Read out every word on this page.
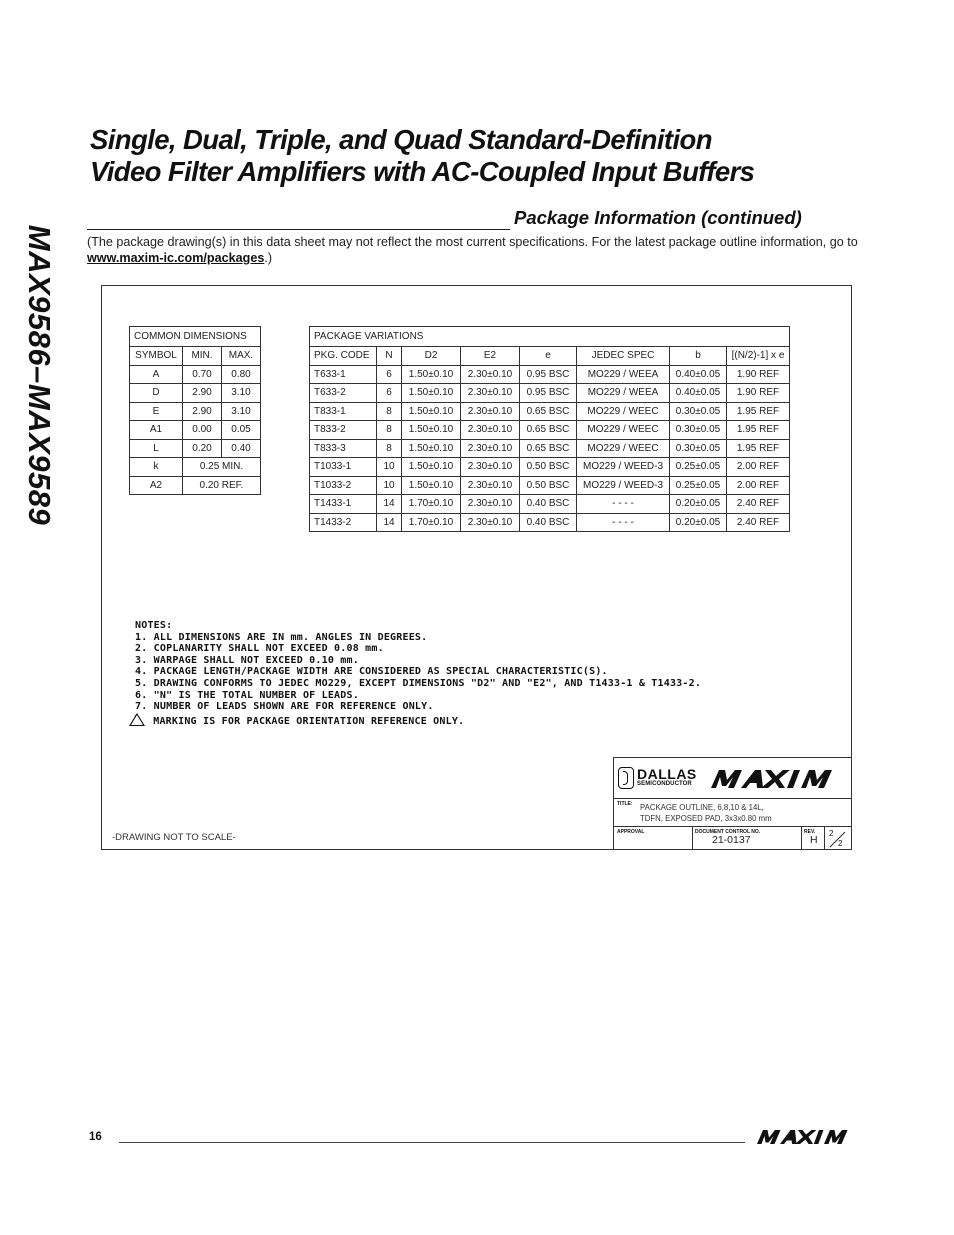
MAX9586–MAX9589
Single, Dual, Triple, and Quad Standard-Definition
Video Filter Amplifiers with AC-Coupled Input Buffers
Package Information (continued)
(The package drawing(s) in this data sheet may not reflect the most current specifications. For the latest package outline information, go to www.maxim-ic.com/packages.)
COMMON DIMENSIONS		
SYMBOL	MIN.	MAX.
A	0.70	0.80
D	2.90	3.10
E	2.90	3.10
A1	0.00	0.05
L	0.20	0.40
k	0.25 MIN.	
A2	0.20 REF.	
PACKAGE VARIATIONS							
PKG. CODE	N	D2	E2	e	JEDEC SPEC	b	[(N/2)-1] x e
T633-1	6	1.50±0.10	2.30±0.10	0.95 BSC	MO229 / WEEA	0.40±0.05	1.90 REF
T633-2	6	1.50±0.10	2.30±0.10	0.95 BSC	MO229 / WEEA	0.40±0.05	1.90 REF
T833-1	8	1.50±0.10	2.30±0.10	0.65 BSC	MO229 / WEEC	0.30±0.05	1.95 REF
T833-2	8	1.50±0.10	2.30±0.10	0.65 BSC	MO229 / WEEC	0.30±0.05	1.95 REF
T833-3	8	1.50±0.10	2.30±0.10	0.65 BSC	MO229 / WEEC	0.30±0.05	1.95 REF
T1033-1	10	1.50±0.10	2.30±0.10	0.50 BSC	MO229 / WEED-3	0.25±0.05	2.00 REF
T1033-2	10	1.50±0.10	2.30±0.10	0.50 BSC	MO229 / WEED-3	0.25±0.05	2.00 REF
T1433-1	14	1.70±0.10	2.30±0.10	0.40 BSC	- - - -	0.20±0.05	2.40 REF
T1433-2	14	1.70±0.10	2.30±0.10	0.40 BSC	- - - -	0.20±0.05	2.40 REF
NOTES:
1. ALL DIMENSIONS ARE IN mm. ANGLES IN DEGREES.
2. COPLANARITY SHALL NOT EXCEED 0.08 mm.
3. WARPAGE SHALL NOT EXCEED 0.10 mm.
4. PACKAGE LENGTH/PACKAGE WIDTH ARE CONSIDERED AS SPECIAL CHARACTERISTIC(S).
5. DRAWING CONFORMS TO JEDEC MO229, EXCEPT DIMENSIONS "D2" AND "E2", AND T1433-1 & T1433-2.
6. "N" IS THE TOTAL NUMBER OF LEADS.
7. NUMBER OF LEADS SHOWN ARE FOR REFERENCE ONLY.
8 MARKING IS FOR PACKAGE ORIENTATION REFERENCE ONLY.
-DRAWING NOT TO SCALE-
DALLAS
SEMICONDUCTOR
TITLE: PACKAGE OUTLINE, 6,8,10 & 14L,
TDFN, EXPOSED PAD, 3x3x0.80 mm
APPROVAL	DOCUMENT CONTROL NO.
21-0137
REV.
H
2
2
16
